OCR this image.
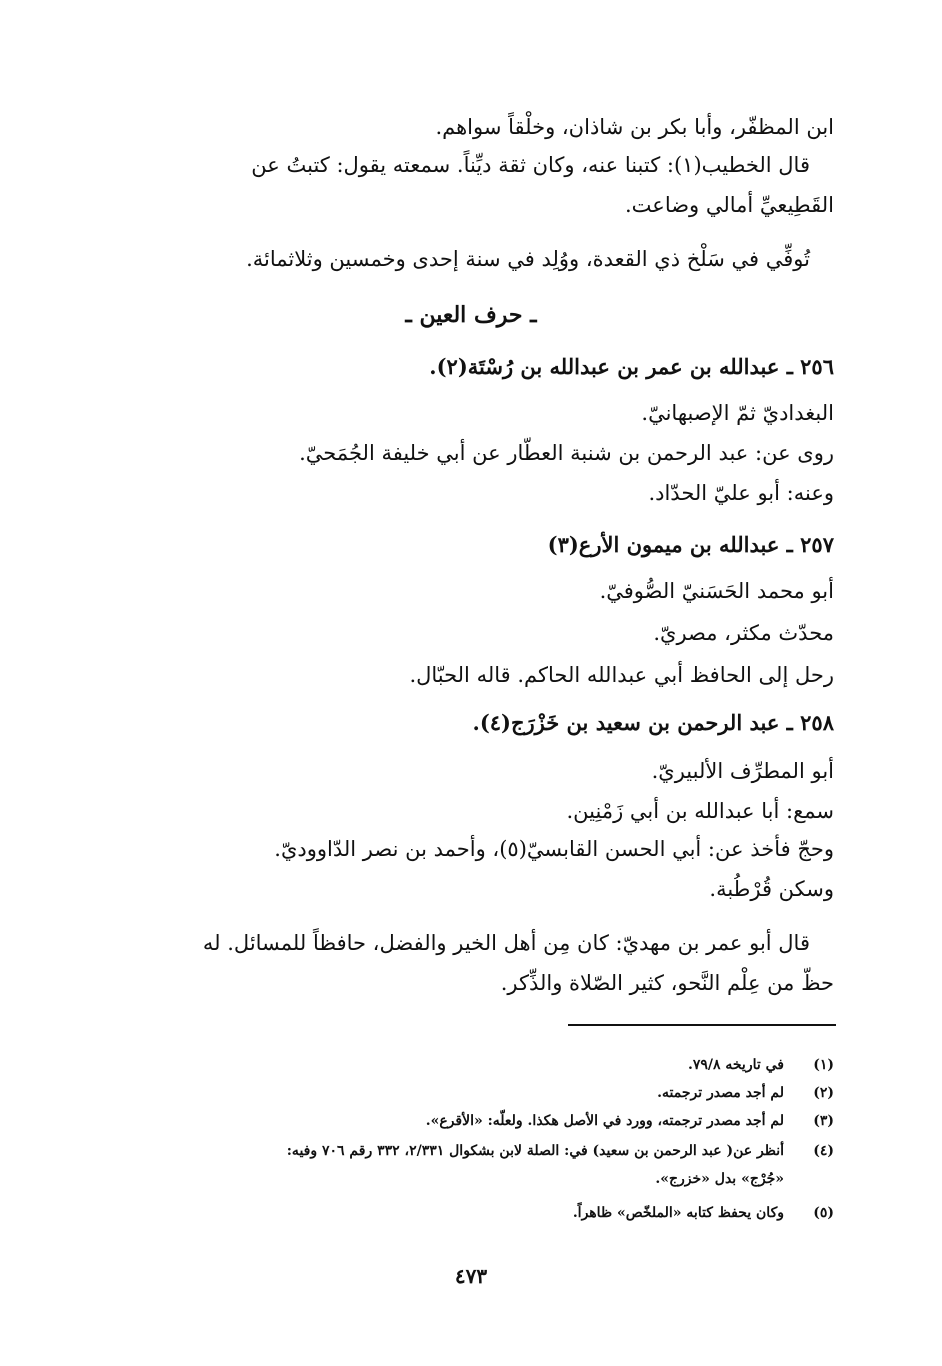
ابن المظفّر، وأبا بكر بن شاذان، وخلْقاً سواهم.
قال الخطيب(١): كتبنا عنه، وكان ثقة ديِّناً. سمعته يقول: كتبتُ عن
القَطِيعيِّ أمالي وضاعت.
تُوفِّي في سَلْخ ذي القعدة، ووُلِد في سنة إحدى وخمسين وثلاثمائة.
ـ حرف العين ـ
٢٥٦ ـ عبدالله بن عمر بن عبدالله بن رُسْتَة(٢).
البغداديّ ثمّ الإصبهانيّ.
روى عن: عبد الرحمن بن شنبة العطّار عن أبي خليفة الجُمَحيّ.
وعنه: أبو عليّ الحدّاد.
٢٥٧ ـ عبدالله بن ميمون الأرع(٣)
أبو محمد الحَسَنيّ الصُّوفيّ.
محدّث مكثر، مصريّ.
رحل إلى الحافظ أبي عبدالله الحاكم. قاله الحبّال.
٢٥٨ ـ عبد الرحمن بن سعيد بن خَزْرَج(٤).
أبو المطرِّف الألبيريّ.
سمع: أبا عبدالله بن أبي زَمْنِين.
وحجّ فأخذ عن: أبي الحسن القابسيّ(٥)، وأحمد بن نصر الدّاووديّ.
وسكن قُرْطُبة.
قال أبو عمر بن مهديّ: كان مِن أهل الخير والفضل، حافظاً للمسائل. له
حظّ من عِلْم النَّحو، كثير الصّلاة والذِّكر.
(١)
في تاريخه ٧٩/٨.
(٢)
لم أجد مصدر ترجمته.
(٣)
لم أجد مصدر ترجمته، وورد في الأصل هكذا. ولعلّه: «الأقرع».
(٤)
أنظر عن( عبد الرحمن بن سعيد) في: الصلة لابن بشكوال ٢/٣٣١، ٣٣٢ رقم ٧٠٦ وفيه:
«جُرْج» بدل «خزرج».
(٥)
وكان يحفظ كتابه «الملخّص» ظاهراً.
٤٧٣
